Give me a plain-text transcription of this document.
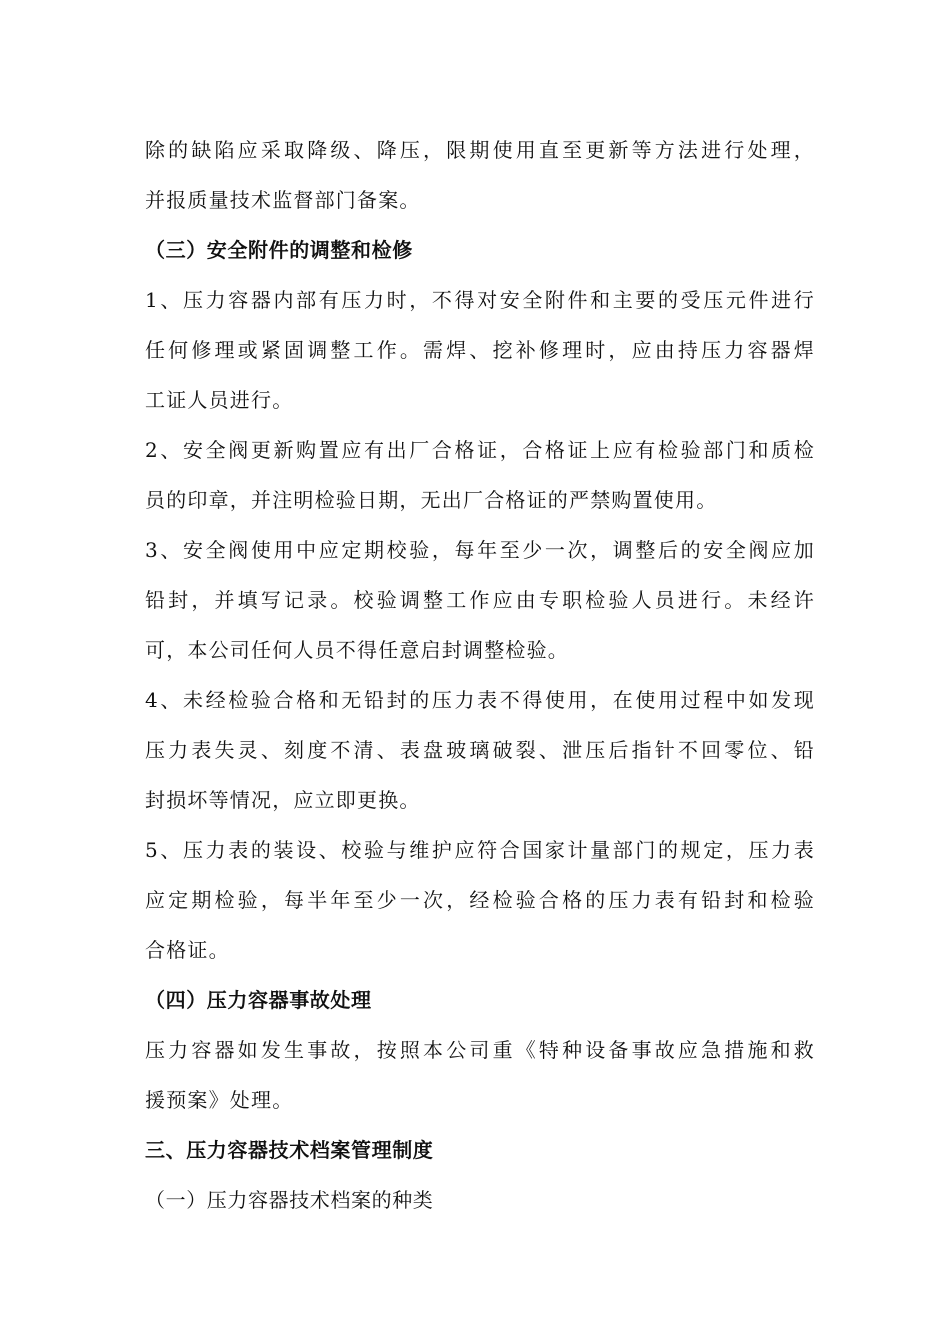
除的缺陷应采取降级、降压，限期使用直至更新等方法进行处理，
并报质量技术监督部门备案。
（三）安全附件的调整和检修
1、压力容器内部有压力时，不得对安全附件和主要的受压元件进行
任何修理或紧固调整工作。需焊、挖补修理时，应由持压力容器焊
工证人员进行。
2、安全阀更新购置应有出厂合格证，合格证上应有检验部门和质检
员的印章，并注明检验日期，无出厂合格证的严禁购置使用。
3、安全阀使用中应定期校验，每年至少一次，调整后的安全阀应加
铅封，并填写记录。校验调整工作应由专职检验人员进行。未经许
可，本公司任何人员不得任意启封调整检验。
4、未经检验合格和无铅封的压力表不得使用，在使用过程中如发现
压力表失灵、刻度不清、表盘玻璃破裂、泄压后指针不回零位、铅
封损坏等情况，应立即更换。
5、压力表的装设、校验与维护应符合国家计量部门的规定，压力表
应定期检验，每半年至少一次，经检验合格的压力表有铅封和检验
合格证。
（四）压力容器事故处理
压力容器如发生事故，按照本公司重《特种设备事故应急措施和救
援预案》处理。
三、压力容器技术档案管理制度
（一）压力容器技术档案的种类
